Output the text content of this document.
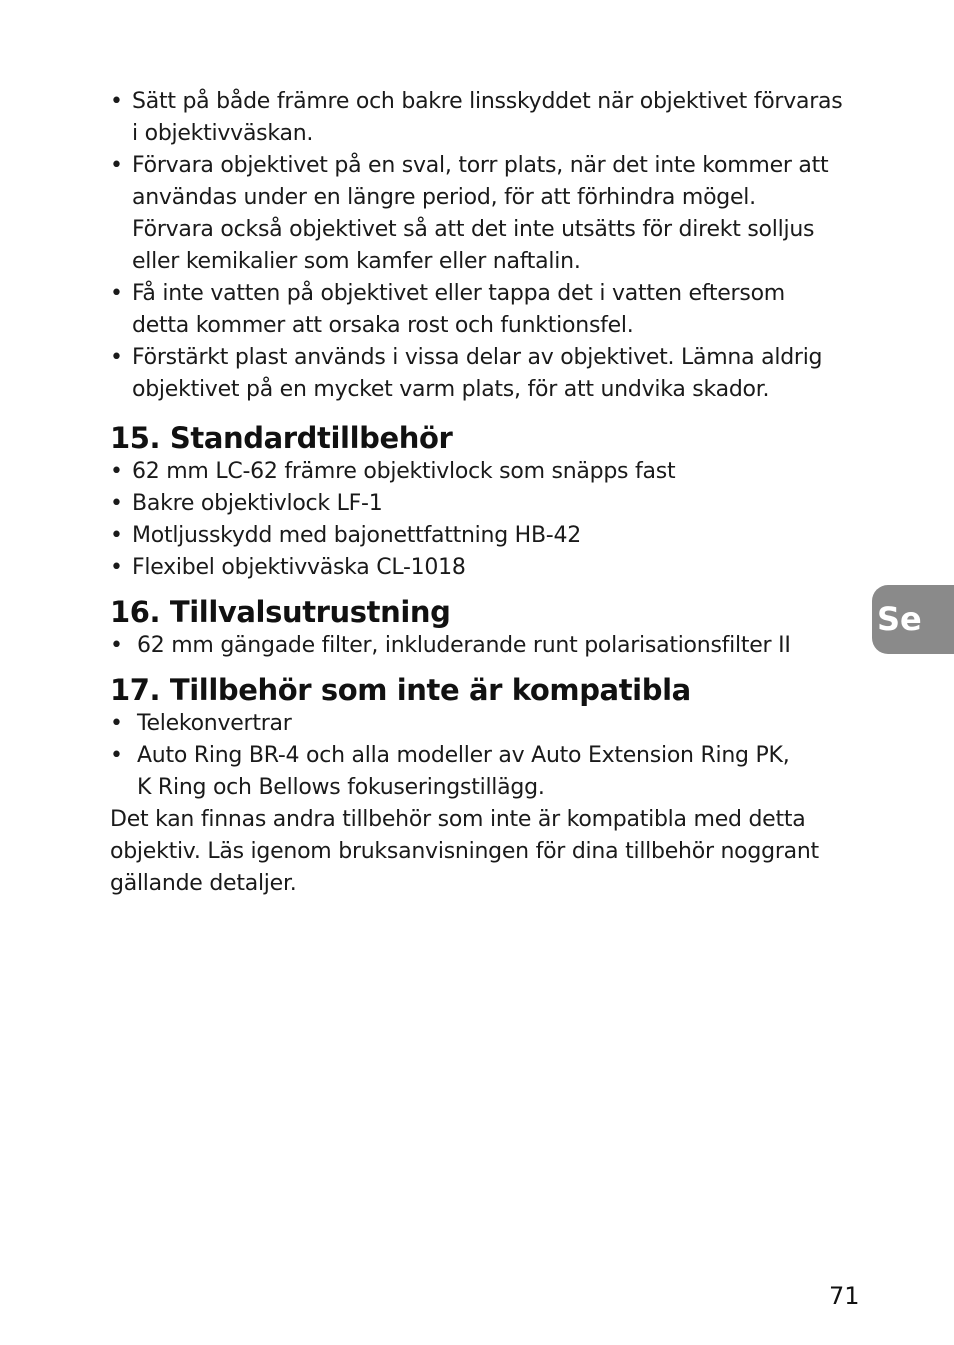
• Sätt på både främre och bakre linsskyddet när objektivet förvaras
i objektivväskan.
• Förvara objektivet på en sval, torr plats, när det inte kommer att
användas under en längre period, för att förhindra mögel.
Förvara också objektivet så att det inte utsätts för direkt solljus
eller kemikalier som kamfer eller naftalin.
• Få inte vatten på objektivet eller tappa det i vatten eftersom
detta kommer att orsaka rost och funktionsfel.
• Förstärkt plast används i vissa delar av objektivet. Lämna aldrig
objektivet på en mycket varm plats, för att undvika skador.
15. Standardtillbehör
• 62 mm LC-62 främre objektivlock som snäpps fast
• Bakre objektivlock LF-1
• Motljusskydd med bajonettfattning HB-42
• Flexibel objektivväska CL-1018
16. Tillvalsutrustning
• 62 mm gängade filter, inkluderande runt polarisationsfilter II
17. Tillbehör som inte är kompatibla
• Telekonvertrar
• Auto Ring BR-4 och alla modeller av Auto Extension Ring PK,
K Ring och Bellows fokuseringstillägg.

Det kan finnas andra tillbehör som inte är kompatibla med detta
objektiv. Läs igenom bruksanvisningen för dina tillbehör noggrant
gällande detaljer.

Se
71
